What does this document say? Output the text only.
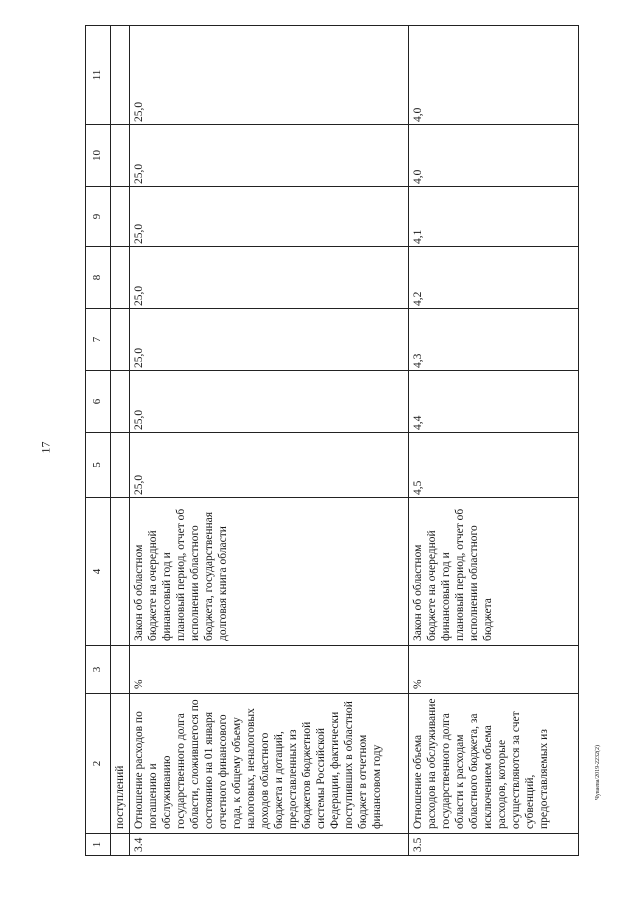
17
Чуваева/2019-2232(2)
1	2	3	4	5	6	7	8	9	10	11
	поступлений									
3.4	Отношение расходов по погашению и обслуживанию государственного долга области, сложившегося по состоянию на 01 января отчетного финансового года, к общему объему налоговых, неналоговых доходов областного бюджета и дотаций, предоставленных из бюджетов бюджетной системы Российской Федерации, фактически поступивших в областной бюджет в отчетном финансовом году	%	Закон об областном бюджете на очередной финансовый год и плановый период, отчет об исполнении областного бюджета, государственная долговая книга области	25,0	25,0	25,0	25,0	25,0	25,0	25,0
3.5	Отношение объема расходов на обслуживание государственного долга области к расходам областного бюджета, за исключением объема расходов, которые осуществляются за счет субвенций, предоставляемых из	%	Закон об областном бюджете на очередной финансовый год и плановый период, отчет об исполнении областного бюджета	4,5	4,4	4,3	4,2	4,1	4,0	4,0
